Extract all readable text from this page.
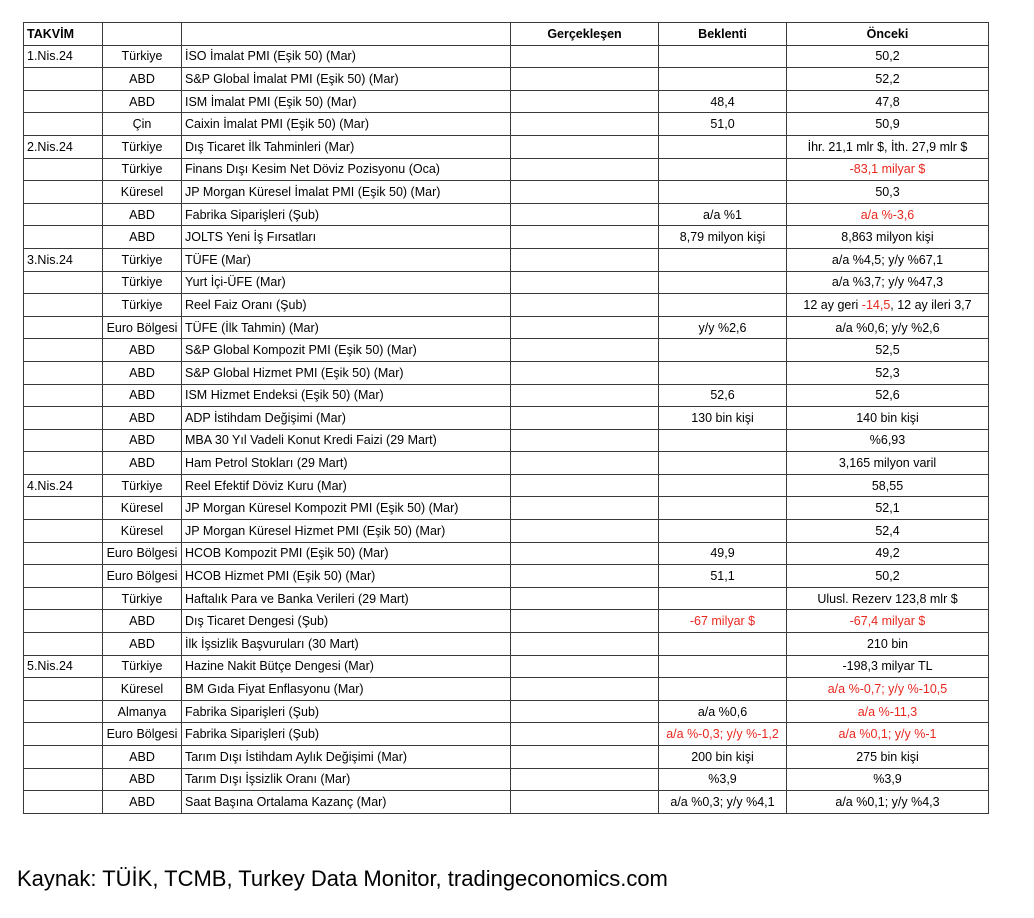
TAKVİM			Gerçekleşen	Beklenti	Önceki
1.Nis.24	Türkiye	İSO İmalat PMI (Eşik 50) (Mar)			50,2
	ABD	S&P Global İmalat PMI (Eşik 50) (Mar)			52,2
	ABD	ISM İmalat PMI (Eşik 50) (Mar)		48,4	47,8
	Çin	Caixin İmalat PMI (Eşik 50) (Mar)		51,0	50,9
2.Nis.24	Türkiye	Dış Ticaret İlk Tahminleri (Mar)			İhr. 21,1 mlr $, İth. 27,9 mlr $
	Türkiye	Finans Dışı Kesim Net Döviz Pozisyonu (Oca)			-83,1 milyar $
	Küresel	JP Morgan Küresel İmalat PMI (Eşik 50) (Mar)			50,3
	ABD	Fabrika Siparişleri (Şub)		a/a %1	a/a %-3,6
	ABD	JOLTS Yeni İş Fırsatları		8,79 milyon kişi	8,863 milyon kişi
3.Nis.24	Türkiye	TÜFE (Mar)			a/a %4,5; y/y %67,1
	Türkiye	Yurt İçi-ÜFE (Mar)			a/a %3,7; y/y %47,3
	Türkiye	Reel Faiz Oranı (Şub)			12 ay geri -14,5, 12 ay ileri 3,7
	Euro Bölgesi	TÜFE (İlk Tahmin) (Mar)		y/y %2,6	a/a %0,6; y/y %2,6
	ABD	S&P Global Kompozit PMI (Eşik 50) (Mar)			52,5
	ABD	S&P Global Hizmet PMI (Eşik 50) (Mar)			52,3
	ABD	ISM Hizmet Endeksi (Eşik 50) (Mar)		52,6	52,6
	ABD	ADP İstihdam Değişimi (Mar)		130 bin kişi	140 bin kişi
	ABD	MBA 30 Yıl Vadeli Konut Kredi Faizi (29 Mart)			%6,93
	ABD	Ham Petrol Stokları (29 Mart)			3,165 milyon varil
4.Nis.24	Türkiye	Reel Efektif Döviz Kuru (Mar)			58,55
	Küresel	JP Morgan Küresel Kompozit PMI (Eşik 50) (Mar)			52,1
	Küresel	JP Morgan Küresel Hizmet PMI (Eşik 50) (Mar)			52,4
	Euro Bölgesi	HCOB Kompozit PMI (Eşik 50) (Mar)		49,9	49,2
	Euro Bölgesi	HCOB Hizmet PMI (Eşik 50) (Mar)		51,1	50,2
	Türkiye	Haftalık Para ve Banka Verileri (29 Mart)			Ulusl. Rezerv 123,8 mlr $
	ABD	Dış Ticaret Dengesi (Şub)		-67 milyar $	-67,4 milyar $
	ABD	İlk İşsizlik Başvuruları (30 Mart)			210 bin
5.Nis.24	Türkiye	Hazine Nakit Bütçe Dengesi (Mar)			-198,3 milyar TL
	Küresel	BM Gıda Fiyat Enflasyonu (Mar)			a/a %-0,7; y/y %-10,5
	Almanya	Fabrika Siparişleri (Şub)		a/a %0,6	a/a %-11,3
	Euro Bölgesi	Fabrika Siparişleri (Şub)		a/a %-0,3; y/y %-1,2	a/a %0,1; y/y %-1
	ABD	Tarım Dışı İstihdam Aylık Değişimi (Mar)		200 bin kişi	275 bin kişi
	ABD	Tarım Dışı İşsizlik Oranı (Mar)		%3,9	%3,9
	ABD	Saat Başına Ortalama Kazanç (Mar)		a/a %0,3; y/y %4,1	a/a %0,1; y/y %4,3
Kaynak: TÜİK, TCMB, Turkey Data Monitor, tradingeconomics.com
